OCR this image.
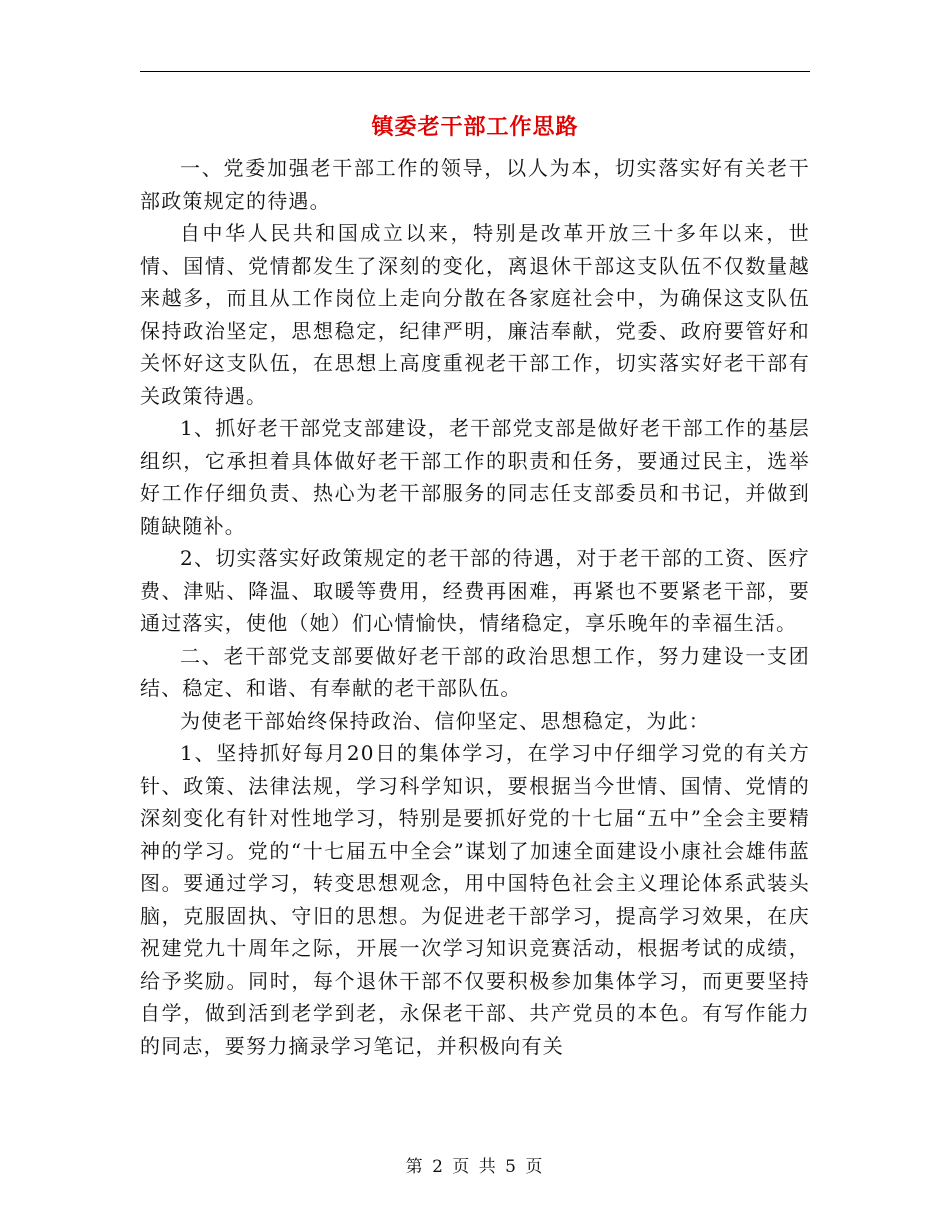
镇委老干部工作思路

一、党委加强老干部工作的领导，以人为本，切实落实好有关老干部政策规定的待遇。

自中华人民共和国成立以来，特别是改革开放三十多年以来，世情、国情、党情都发生了深刻的变化，离退休干部这支队伍不仅数量越来越多，而且从工作岗位上走向分散在各家庭社会中，为确保这支队伍保持政治坚定，思想稳定，纪律严明，廉洁奉献，党委、政府要管好和关怀好这支队伍，在思想上高度重视老干部工作，切实落实好老干部有关政策待遇。

1、抓好老干部党支部建设，老干部党支部是做好老干部工作的基层组织，它承担着具体做好老干部工作的职责和任务，要通过民主，选举好工作仔细负责、热心为老干部服务的同志任支部委员和书记，并做到随缺随补。

2、切实落实好政策规定的老干部的待遇，对于老干部的工资、医疗费、津贴、降温、取暖等费用，经费再困难，再紧也不要紧老干部，要通过落实，使他（她）们心情愉快，情绪稳定，享乐晚年的幸福生活。

二、老干部党支部要做好老干部的政治思想工作，努力建设一支团结、稳定、和谐、有奉献的老干部队伍。

为使老干部始终保持政治、信仰坚定、思想稳定，为此：

1、坚持抓好每月20日的集体学习，在学习中仔细学习党的有关方针、政策、法律法规，学习科学知识，要根据当今世情、国情、党情的深刻变化有针对性地学习，特别是要抓好党的十七届“五中”全会主要精神的学习。党的“十七届五中全会”谋划了加速全面建设小康社会雄伟蓝图。要通过学习，转变思想观念，用中国特色社会主义理论体系武装头脑，克服固执、守旧的思想。为促进老干部学习，提高学习效果，在庆祝建党九十周年之际，开展一次学习知识竞赛活动，根据考试的成绩，给予奖励。同时，每个退休干部不仅要积极参加集体学习，而更要坚持自学，做到活到老学到老，永保老干部、共产党员的本色。有写作能力的同志，要努力摘录学习笔记，并积极向有关

第 2 页 共 5 页
